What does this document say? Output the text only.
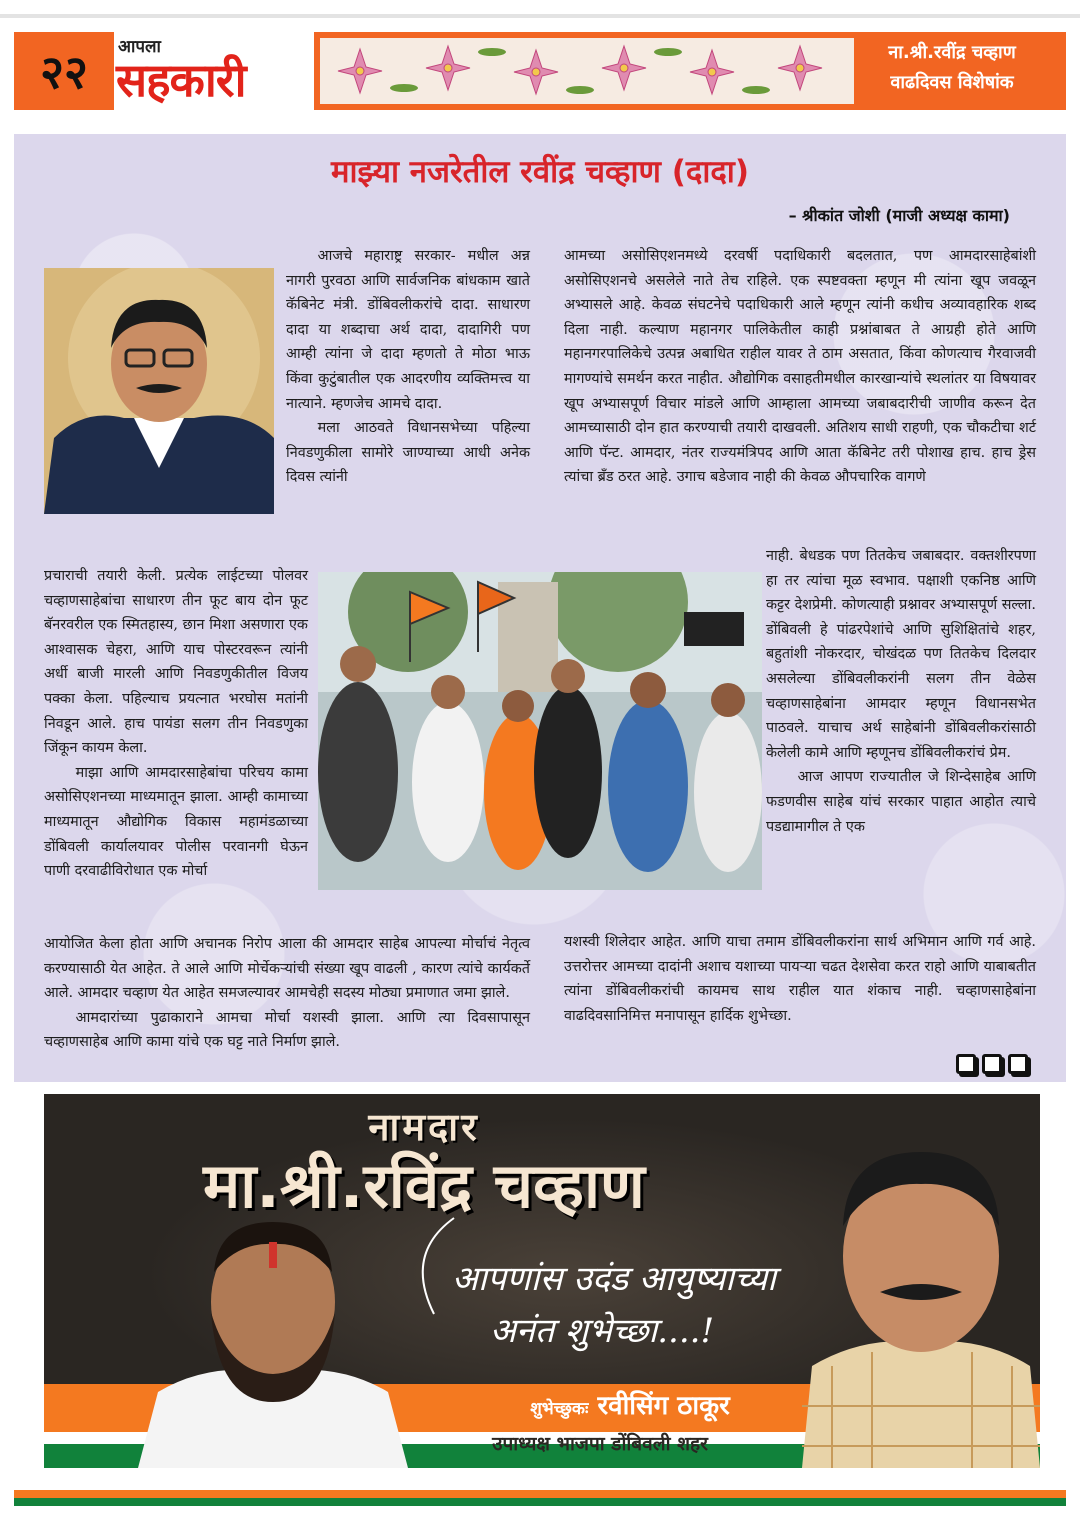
२२	आपला
सहकारी
ना.श्री.रवींद्र चव्हाण
वाढदिवस विशेषांक
माझ्या नजरेतील रवींद्र चव्हाण (दादा)
– श्रीकांत जोशी (माजी अध्यक्ष कामा)

आजचे महाराष्ट्र सरकार- मधील अन्न नागरी पुरवठा आणि सार्वजनिक बांधकाम खाते कॅबिनेट मंत्री. डोंबिवलीकरांचे दादा. साधारण दादा या शब्दाचा अर्थ दादा, दादागिरी पण आम्ही त्यांना जे दादा म्हणतो ते मोठा भाऊ किंवा कुटुंबातील एक आदरणीय व्यक्तिमत्त्व या नात्याने. म्हणजेच आमचे दादा.

मला आठवते विधानसभेच्या पहिल्या निवडणुकीला सामोरे जाण्याच्या आधी अनेक दिवस त्यांनी

प्रचाराची तयारी केली. प्रत्येक लाईटच्या पोलवर चव्हाणसाहेबांचा साधारण तीन फूट बाय दोन फूट बॅनरवरील एक स्मितहास्य, छान मिशा असणारा एक आश्वासक चेहरा, आणि याच पोस्टरवरून त्यांनी अर्धी बाजी मारली आणि निवडणुकीतील विजय पक्का केला. पहिल्याच प्रयत्नात भरघोस मतांनी निवडून आले. हाच पायंडा सलग तीन निवडणुका जिंकून कायम केला.

माझा आणि आमदारसाहेबांचा परिचय कामा असोसिएशनच्या माध्यमातून झाला. आम्ही कामाच्या माध्यमातून औद्योगिक विकास महामंडळाच्या डोंबिवली कार्यालयावर पोलीस परवानगी घेऊन पाणी दरवाढीविरोधात एक मोर्चा

आयोजित केला होता आणि अचानक निरोप आला की आमदार साहेब आपल्या मोर्चाचं नेतृत्व करण्यासाठी येत आहेत. ते आले आणि मोर्चेकऱ्यांची संख्या खूप वाढली , कारण त्यांचे कार्यकर्ते आले. आमदार चव्हाण येत आहेत समजल्यावर आमचेही सदस्य मोठ्या प्रमाणात जमा झाले.

आमदारांच्या पुढाकाराने आमचा मोर्चा यशस्वी झाला. आणि त्या दिवसापासून चव्हाणसाहेब आणि कामा यांचे एक घट्ट नाते निर्माण झाले.

आमच्या असोसिएशनमध्ये दरवर्षी पदाधिकारी बदलतात, पण आमदारसाहेबांशी असोसिएशनचे असलेले नाते तेच राहिले. एक स्पष्टवक्ता म्हणून मी त्यांना खूप जवळून अभ्यासले आहे. केवळ संघटनेचे पदाधिकारी आले म्हणून त्यांनी कधीच अव्यावहारिक शब्द दिला नाही. कल्याण महानगर पालिकेतील काही प्रश्नांबाबत ते आग्रही होते आणि महानगरपालिकेचे उत्पन्न अबाधित राहील यावर ते ठाम असतात, किंवा कोणत्याच गैरवाजवी मागण्यांचे समर्थन करत नाहीत. औद्योगिक वसाहतीमधील कारखान्यांचे स्थलांतर या विषयावर खूप अभ्यासपूर्ण विचार मांडले आणि आम्हाला आमच्या जबाबदारीची जाणीव करून देत आमच्यासाठी दोन हात करण्याची तयारी दाखवली. अतिशय साधी राहणी, एक चौकटीचा शर्ट आणि पॅन्ट. आमदार, नंतर राज्यमंत्रिपद आणि आता कॅबिनेट तरी पोशाख हाच. हाच ड्रेस त्यांचा ब्रँड ठरत आहे. उगाच बडेजाव नाही की केवळ औपचारिक वागणे

नाही. बेधडक पण तितकेच जबाबदार. वक्तशीरपणा हा तर त्यांचा मूळ स्वभाव. पक्षाशी एकनिष्ठ आणि कट्टर देशप्रेमी. कोणत्याही प्रश्नावर अभ्यासपूर्ण सल्ला. डोंबिवली हे पांढरपेशांचे आणि सुशिक्षितांचे शहर, बहुतांशी नोकरदार, चोखंदळ पण तितकेच दिलदार असलेल्या डोंबिवलीकरांनी सलग तीन वेळेस चव्हाणसाहेबांना आमदार म्हणून विधानसभेत पाठवले. याचाच अर्थ साहेबांनी डोंबिवलीकरांसाठी केलेली कामे आणि म्हणूनच डोंबिवलीकरांचं प्रेम.

आज आपण राज्यातील जे शिन्देसाहेब आणि फडणवीस साहेब यांचं सरकार पाहात आहोत त्याचे पडद्यामागील ते एक

यशस्वी शिलेदार आहेत. आणि याचा तमाम डोंबिवलीकरांना सार्थ अभिमान आणि गर्व आहे. उत्तरोत्तर आमच्या दादांनी अशाच यशाच्या पायऱ्या चढत देशसेवा करत राहो आणि याबाबतीत त्यांना डोंबिवलीकरांची कायमच साथ राहील यात शंकाच नाही. चव्हाणसाहेबांना वाढदिवसानिमित्त मनापासून हार्दिक शुभेच्छा.

नामदार
मा.श्री.रविंद्र चव्हाण
आपणांस उदंड आयुष्याच्या
अनंत शुभेच्छा....!
शुभेच्छुकः रवीसिंग ठाकूर
उपाध्यक्ष भाजपा डोंबिवली शहर
